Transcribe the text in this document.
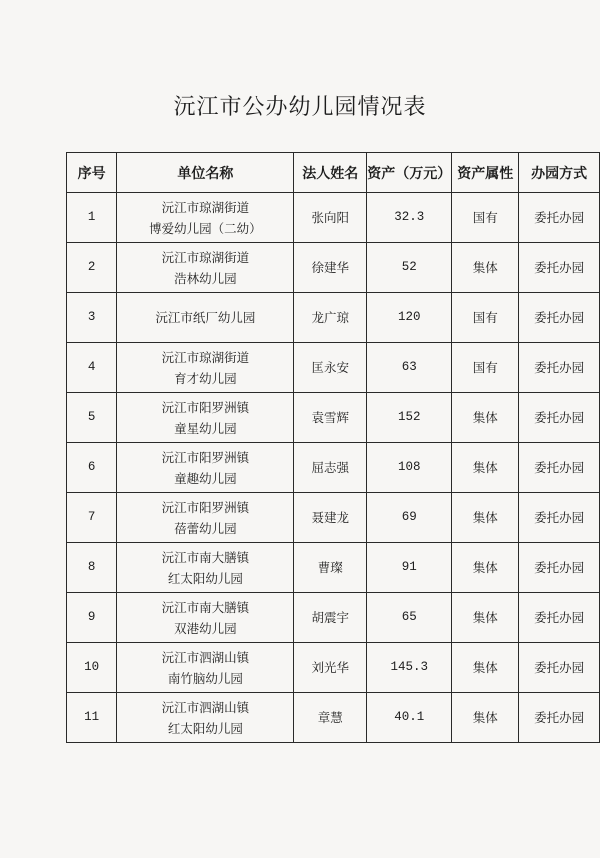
沅江市公办幼儿园情况表
序号	单位名称	法人姓名	资产（万元）	资产属性	办园方式
1	沅江市琼湖街道
博爱幼儿园（二幼）	张向阳	32.3	国有	委托办园
2	沅江市琼湖街道
浩林幼儿园	徐建华	52	集体	委托办园
3	沅江市纸厂幼儿园	龙广琼	120	国有	委托办园
4	沅江市琼湖街道
育才幼儿园	匡永安	63	国有	委托办园
5	沅江市阳罗洲镇
童星幼儿园	袁雪辉	152	集体	委托办园
6	沅江市阳罗洲镇
童趣幼儿园	屈志强	108	集体	委托办园
7	沅江市阳罗洲镇
蓓蕾幼儿园	聂建龙	69	集体	委托办园
8	沅江市南大膳镇
红太阳幼儿园	曹璨	91	集体	委托办园
9	沅江市南大膳镇
双港幼儿园	胡震宇	65	集体	委托办园
10	沅江市泗湖山镇
南竹脑幼儿园	刘光华	145.3	集体	委托办园
11	沅江市泗湖山镇
红太阳幼儿园	章慧	40.1	集体	委托办园
